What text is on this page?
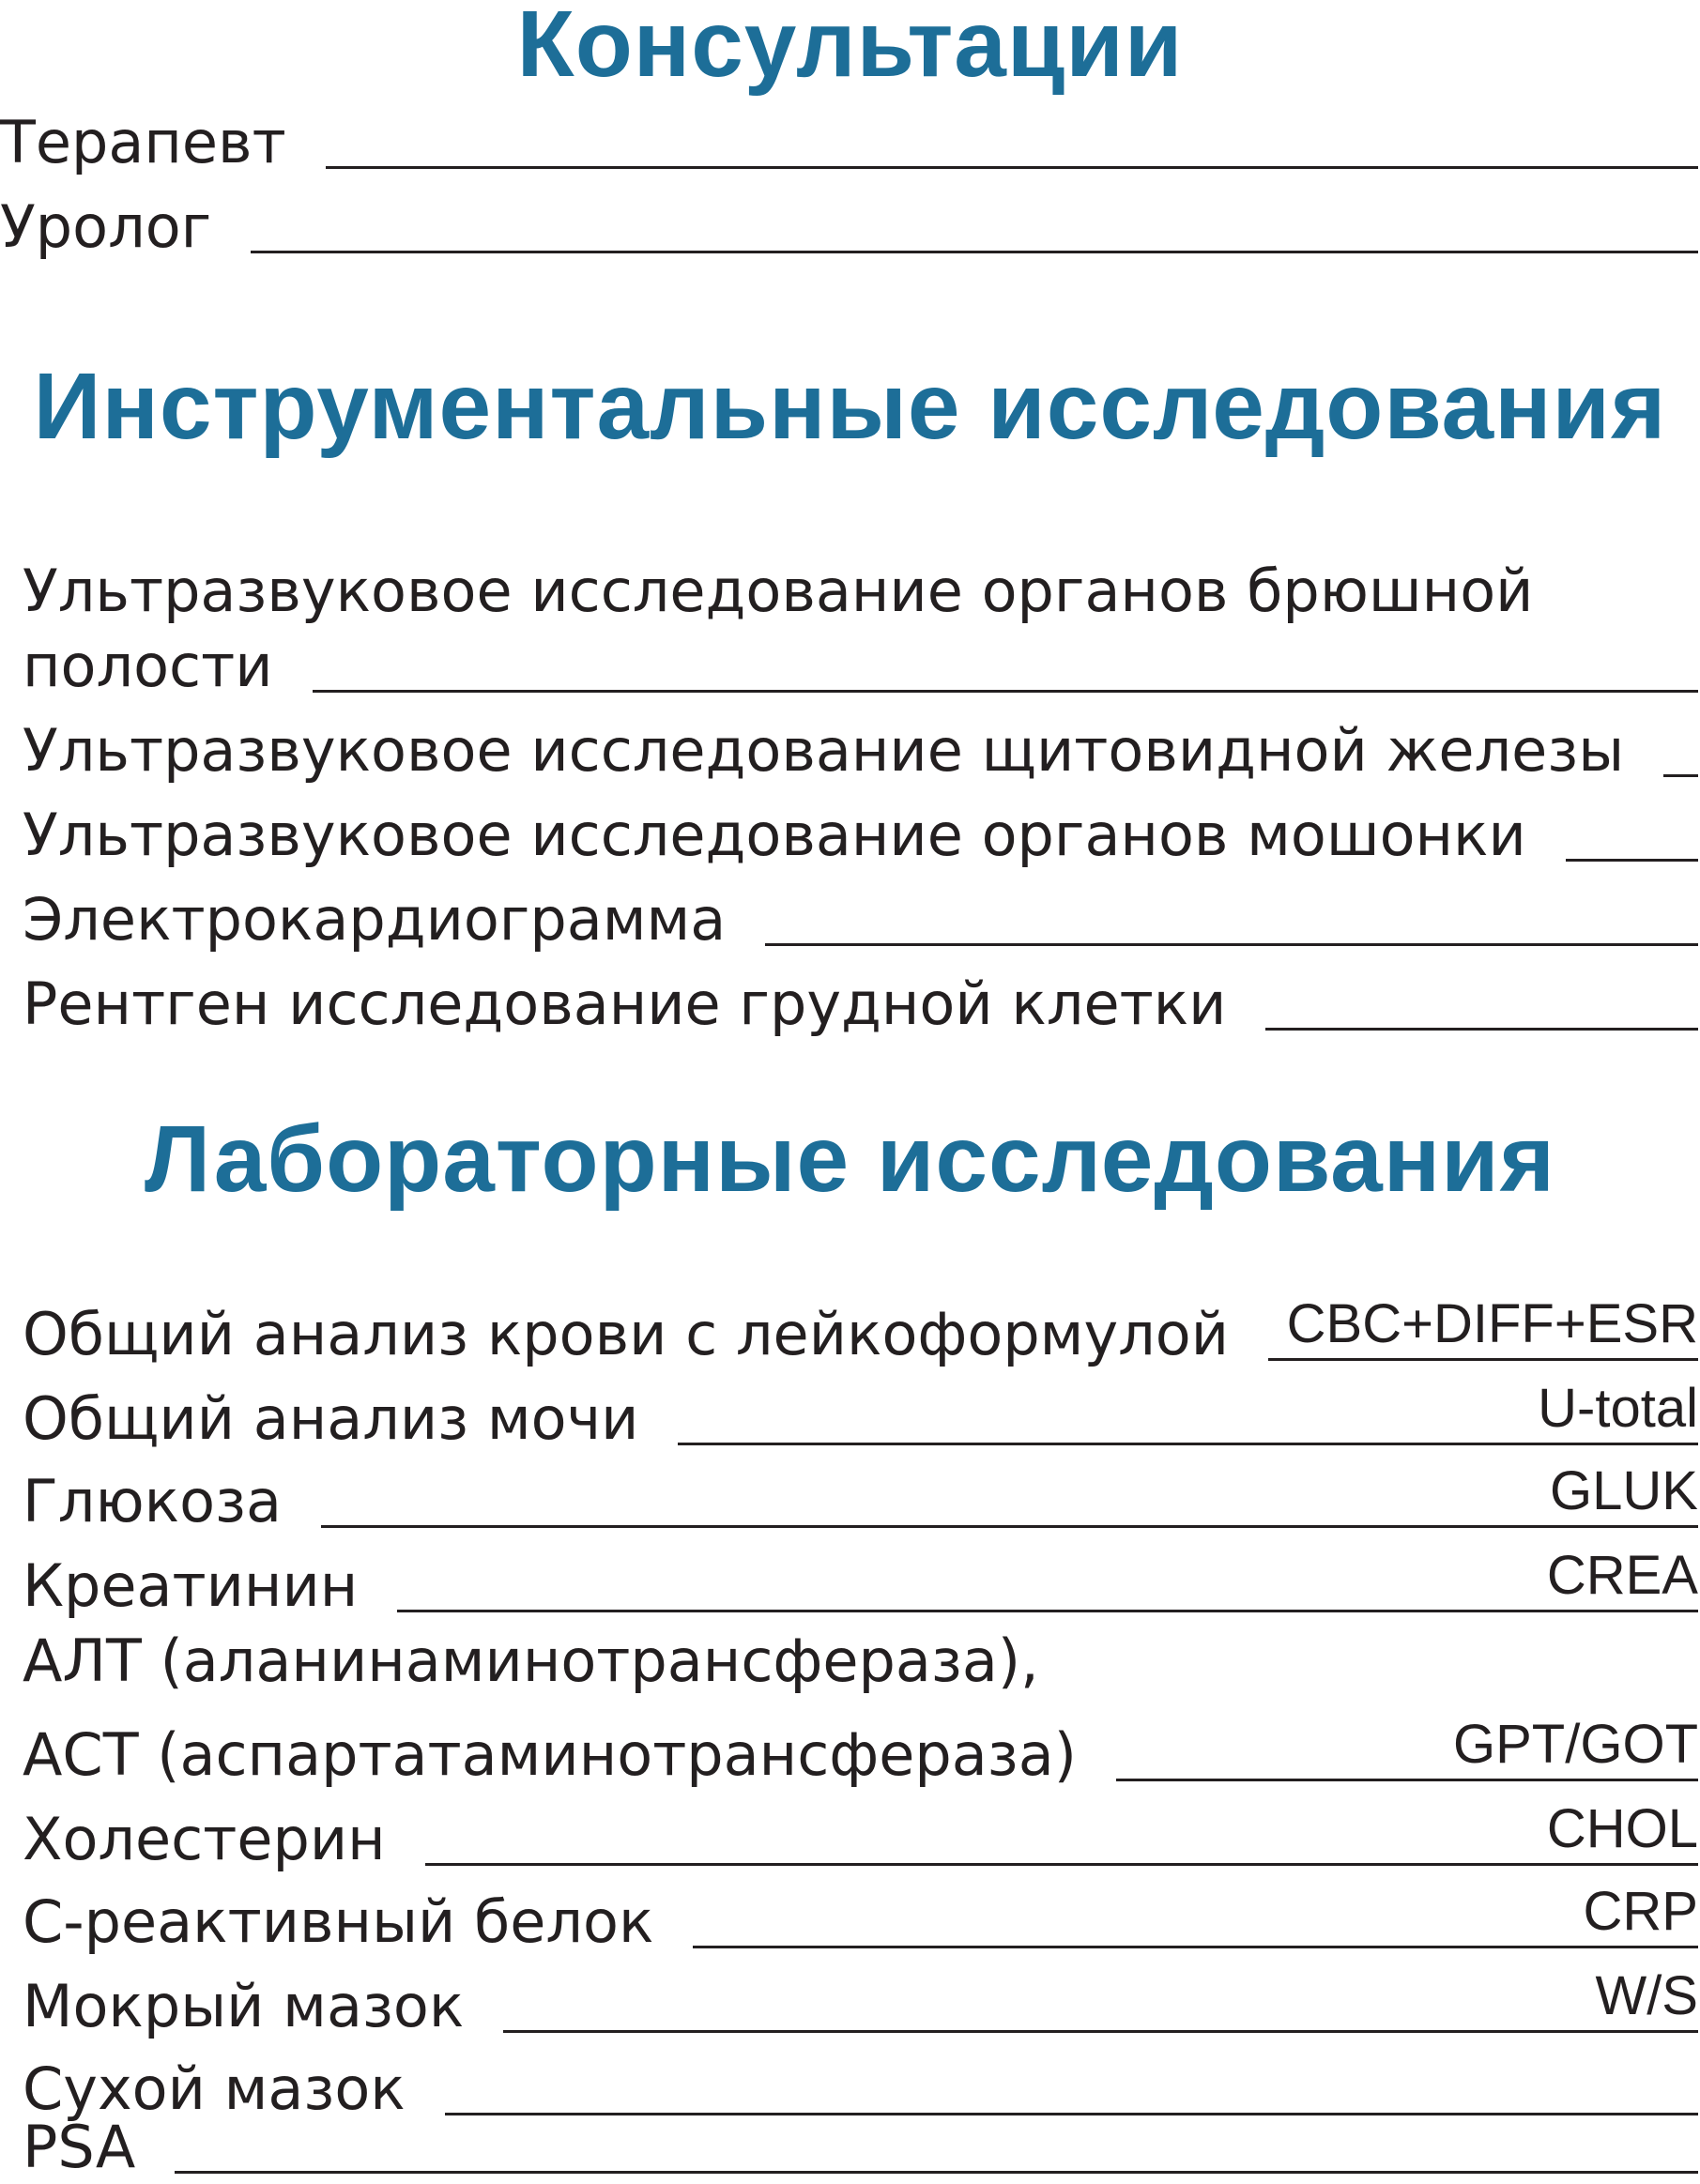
Консультации
Терапевт
Уролог
Инструментальные исследования
Ультразвуковое исследование органов брюшной
полости
Ультразвуковое исследование щитовидной железы
Ультразвуковое исследование органов мошонки
Электрокардиограмма
Рентген исследование грудной клетки
Лабораторные исследования
Общий анализ крови с лейкоформулой CBC+DIFF+ESR
Общий анализ мочи	U-total
Глюкоза	GLUK
Креатинин	CREA
АЛТ (аланинаминотрансфераза),
АСТ (аспартатаминотрансфераза)	GPT/GOT
Холестерин	CHOL
С-реактивный белок	CRP
Мокрый мазок	W/S
Сухой мазок
PSA
